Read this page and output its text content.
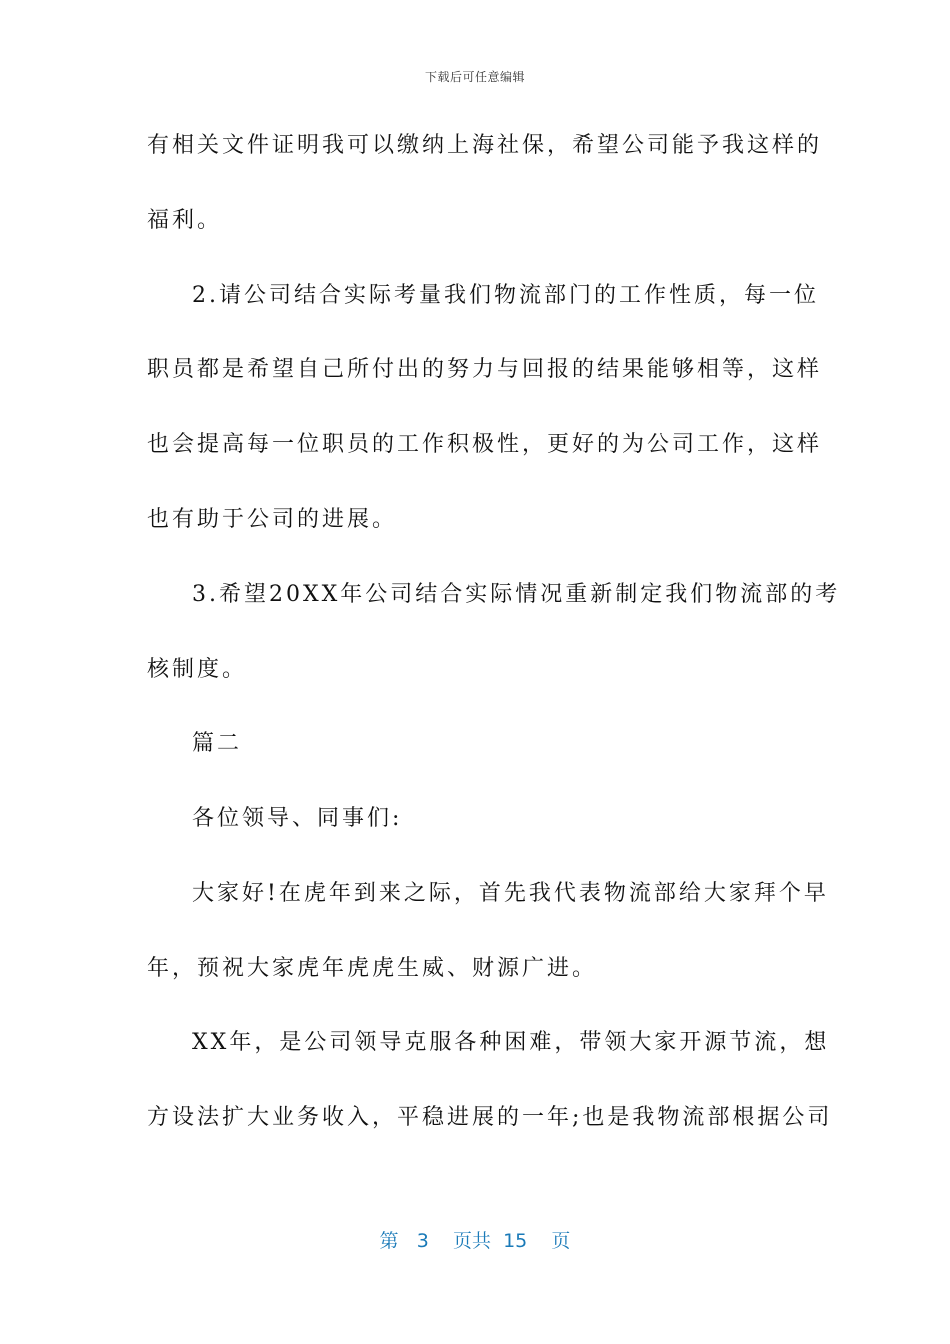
下载后可任意编辑
有相关文件证明我可以缴纳上海社保，希望公司能予我这样的
福利。
2.请公司结合实际考量我们物流部门的工作性质，每一位
职员都是希望自己所付出的努力与回报的结果能够相等，这样
也会提高每一位职员的工作积极性，更好的为公司工作，这样
也有助于公司的进展。
3.希望20XX年公司结合实际情况重新制定我们物流部的考
核制度。
篇二
各位领导、同事们:
大家好!在虎年到来之际，首先我代表物流部给大家拜个早
年，预祝大家虎年虎虎生威、财源广进。
XX年，是公司领导克服各种困难，带领大家开源节流，想
方设法扩大业务收入，平稳进展的一年;也是我物流部根据公司
第 3 页共 15 页
